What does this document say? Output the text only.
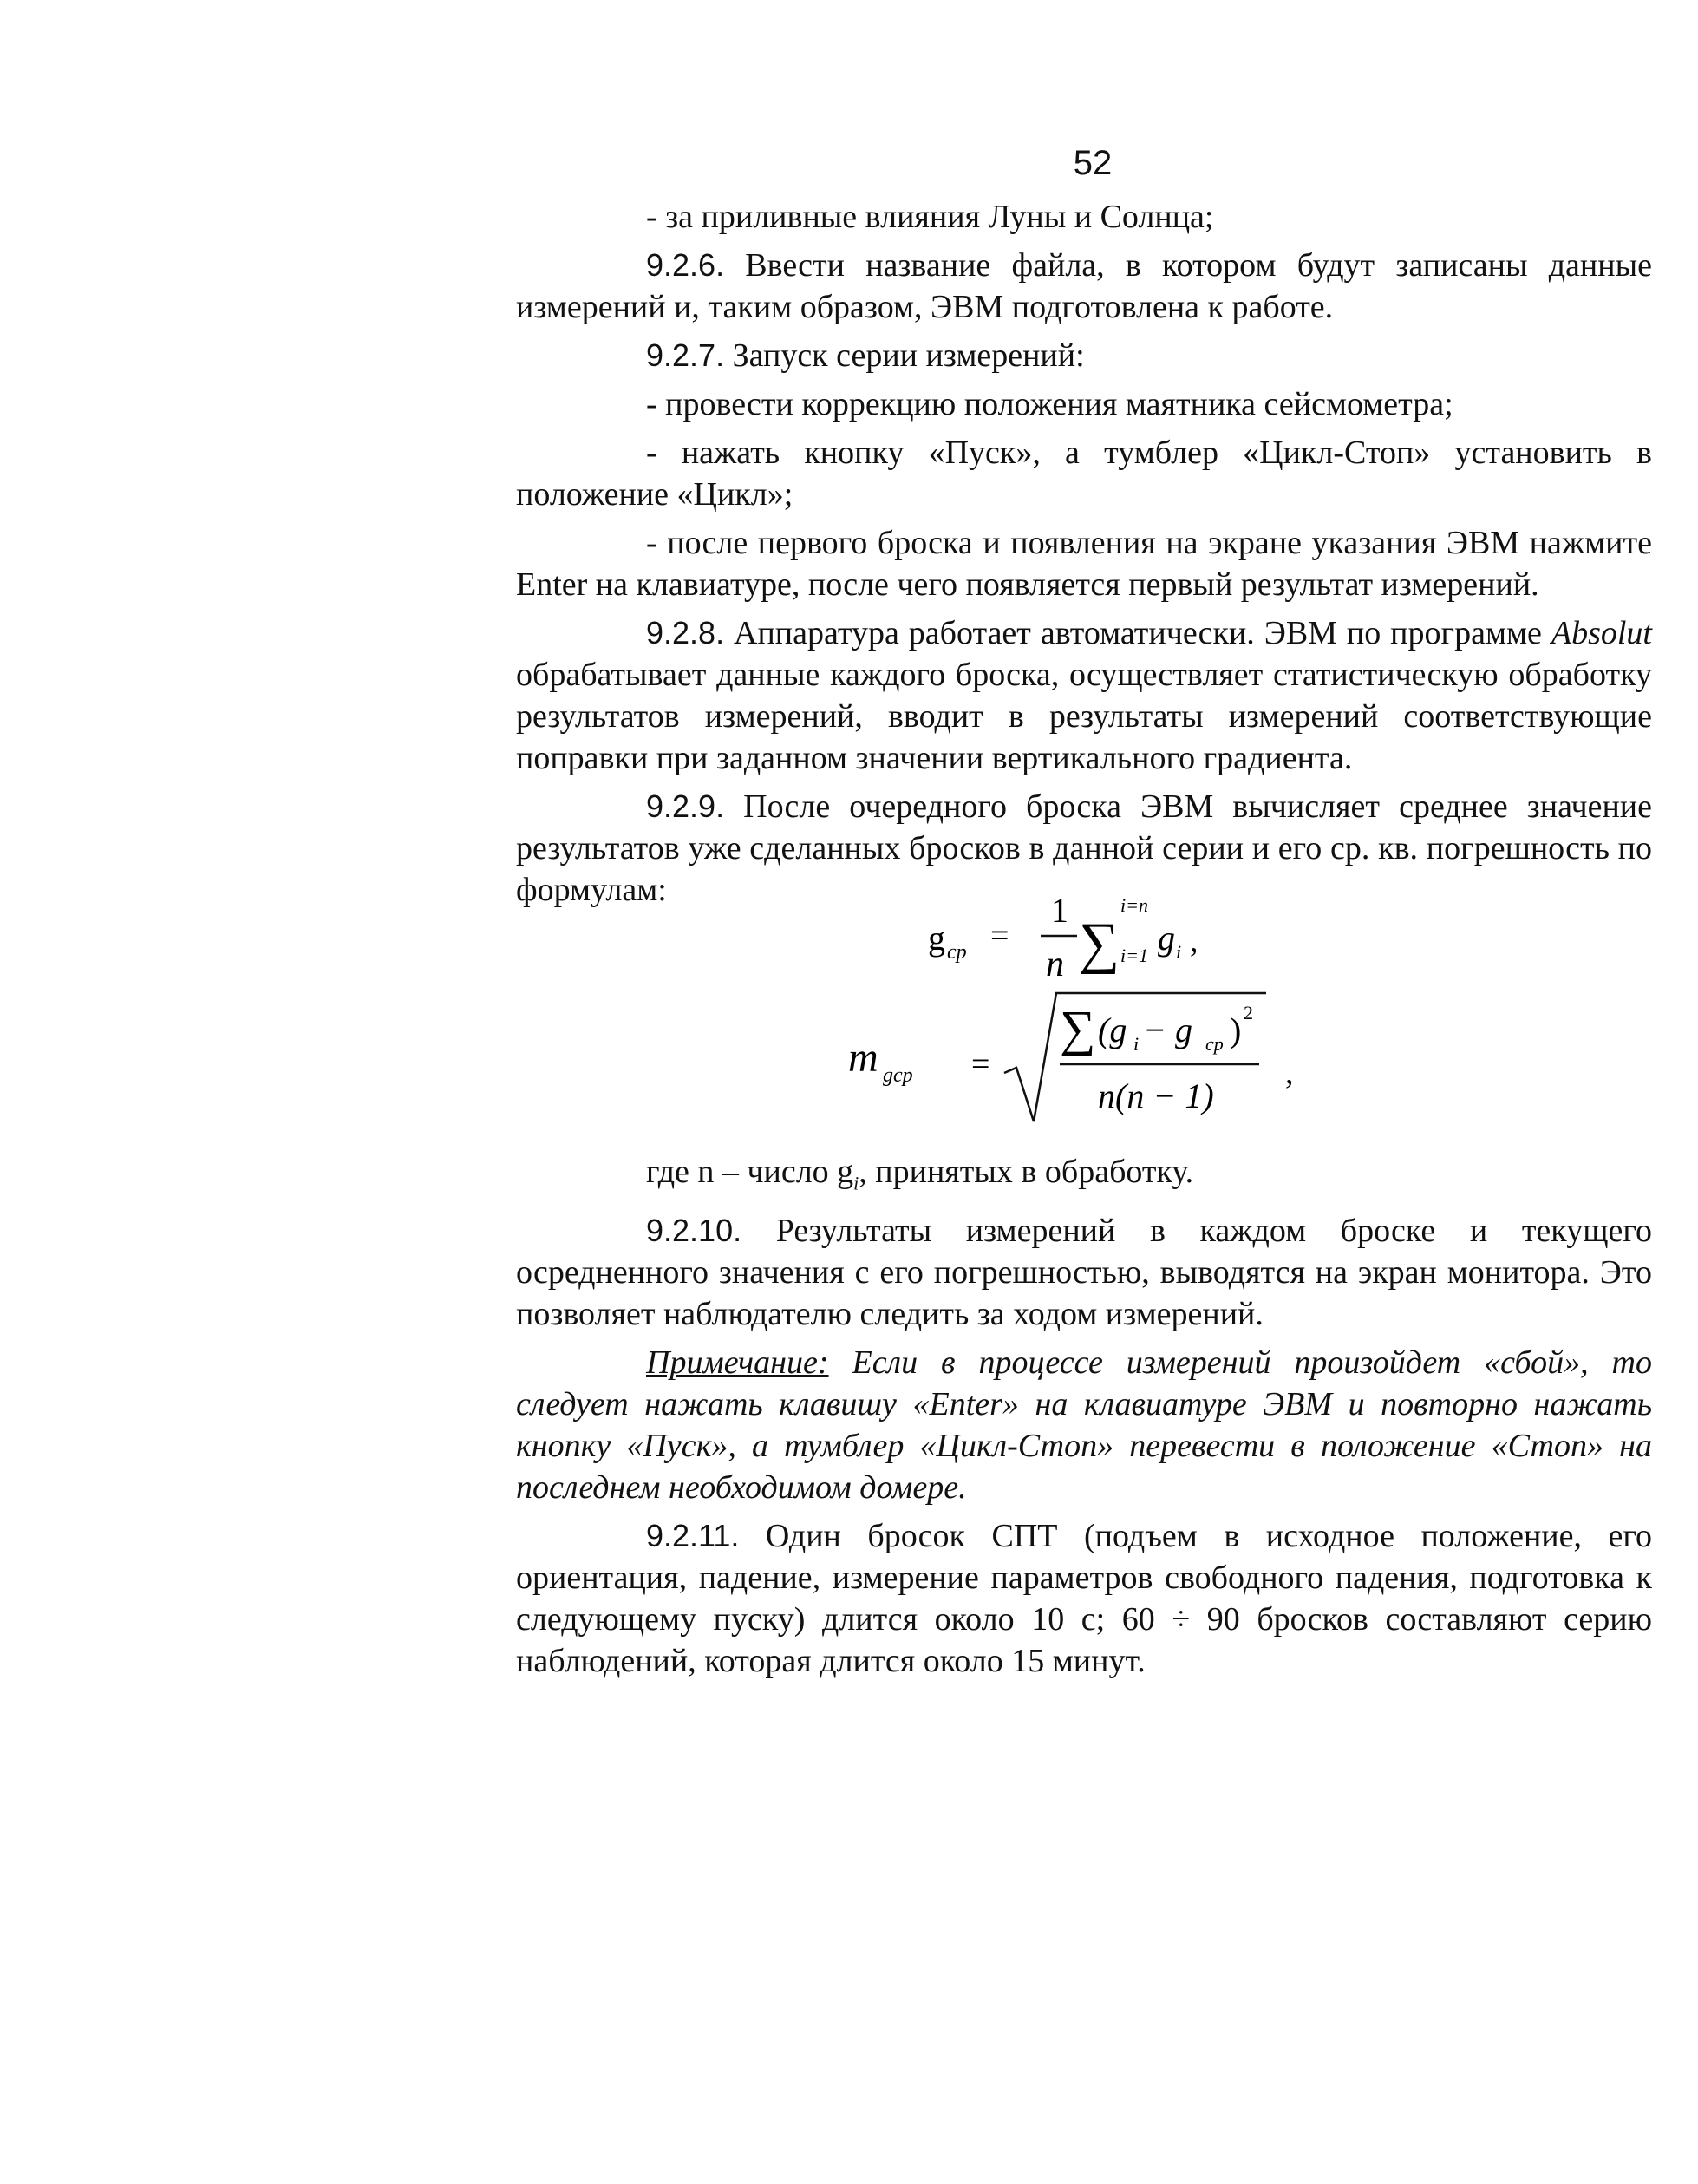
52

- за приливные влияния Луны и Солнца;

9.2.6. Ввести название файла, в котором будут записаны данные измерений и, таким образом, ЭВМ подготовлена к работе.

9.2.7. Запуск серии измерений:

- провести коррекцию положения маятника сейсмометра;

- нажать кнопку «Пуск», а тумблер «Цикл-Стоп» установить в положение «Цикл»;

- после первого броска и появления на экране указания ЭВМ нажмите Enter на клавиатуре, после чего появляется первый результат измерений.

9.2.8. Аппаратура работает автоматически. ЭВМ по программе Absolut обрабатывает данные каждого броска, осуществляет статистическую обработку результатов измерений, вводит в результаты измерений соответствующие поправки при заданном значении вертикального градиента.

9.2.9. После очередного броска ЭВМ вычисляет среднее значение результатов уже сделанных бросков в данной серии и его ср. кв. погрешность по формулам:

g ср =
1
n ∑
i=n
i=1 g i ,
m gср =
∑ (g i − g ср ) 2
n(n − 1)
,
где n – число $g_i$, принятых в обработку.

9.2.10. Результаты измерений в каждом броске и текущего осредненного значения с его погрешностью, выводятся на экран монитора. Это позволяет наблюдателю следить за ходом измерений.

Примечание: Если в процессе измерений произойдет «сбой», то следует нажать клавишу «Enter» на клавиатуре ЭВМ и повторно нажать кнопку «Пуск», а тумблер «Цикл-Стоп» перевести в положение «Стоп» на последнем необходимом домере.

9.2.11. Один бросок СПТ (подъем в исходное положение, его ориентация, падение, измерение параметров свободного падения, подготовка к следующему пуску) длится около 10 с; 60 ÷ 90 бросков составляют серию наблюдений, которая длится около 15 минут.
